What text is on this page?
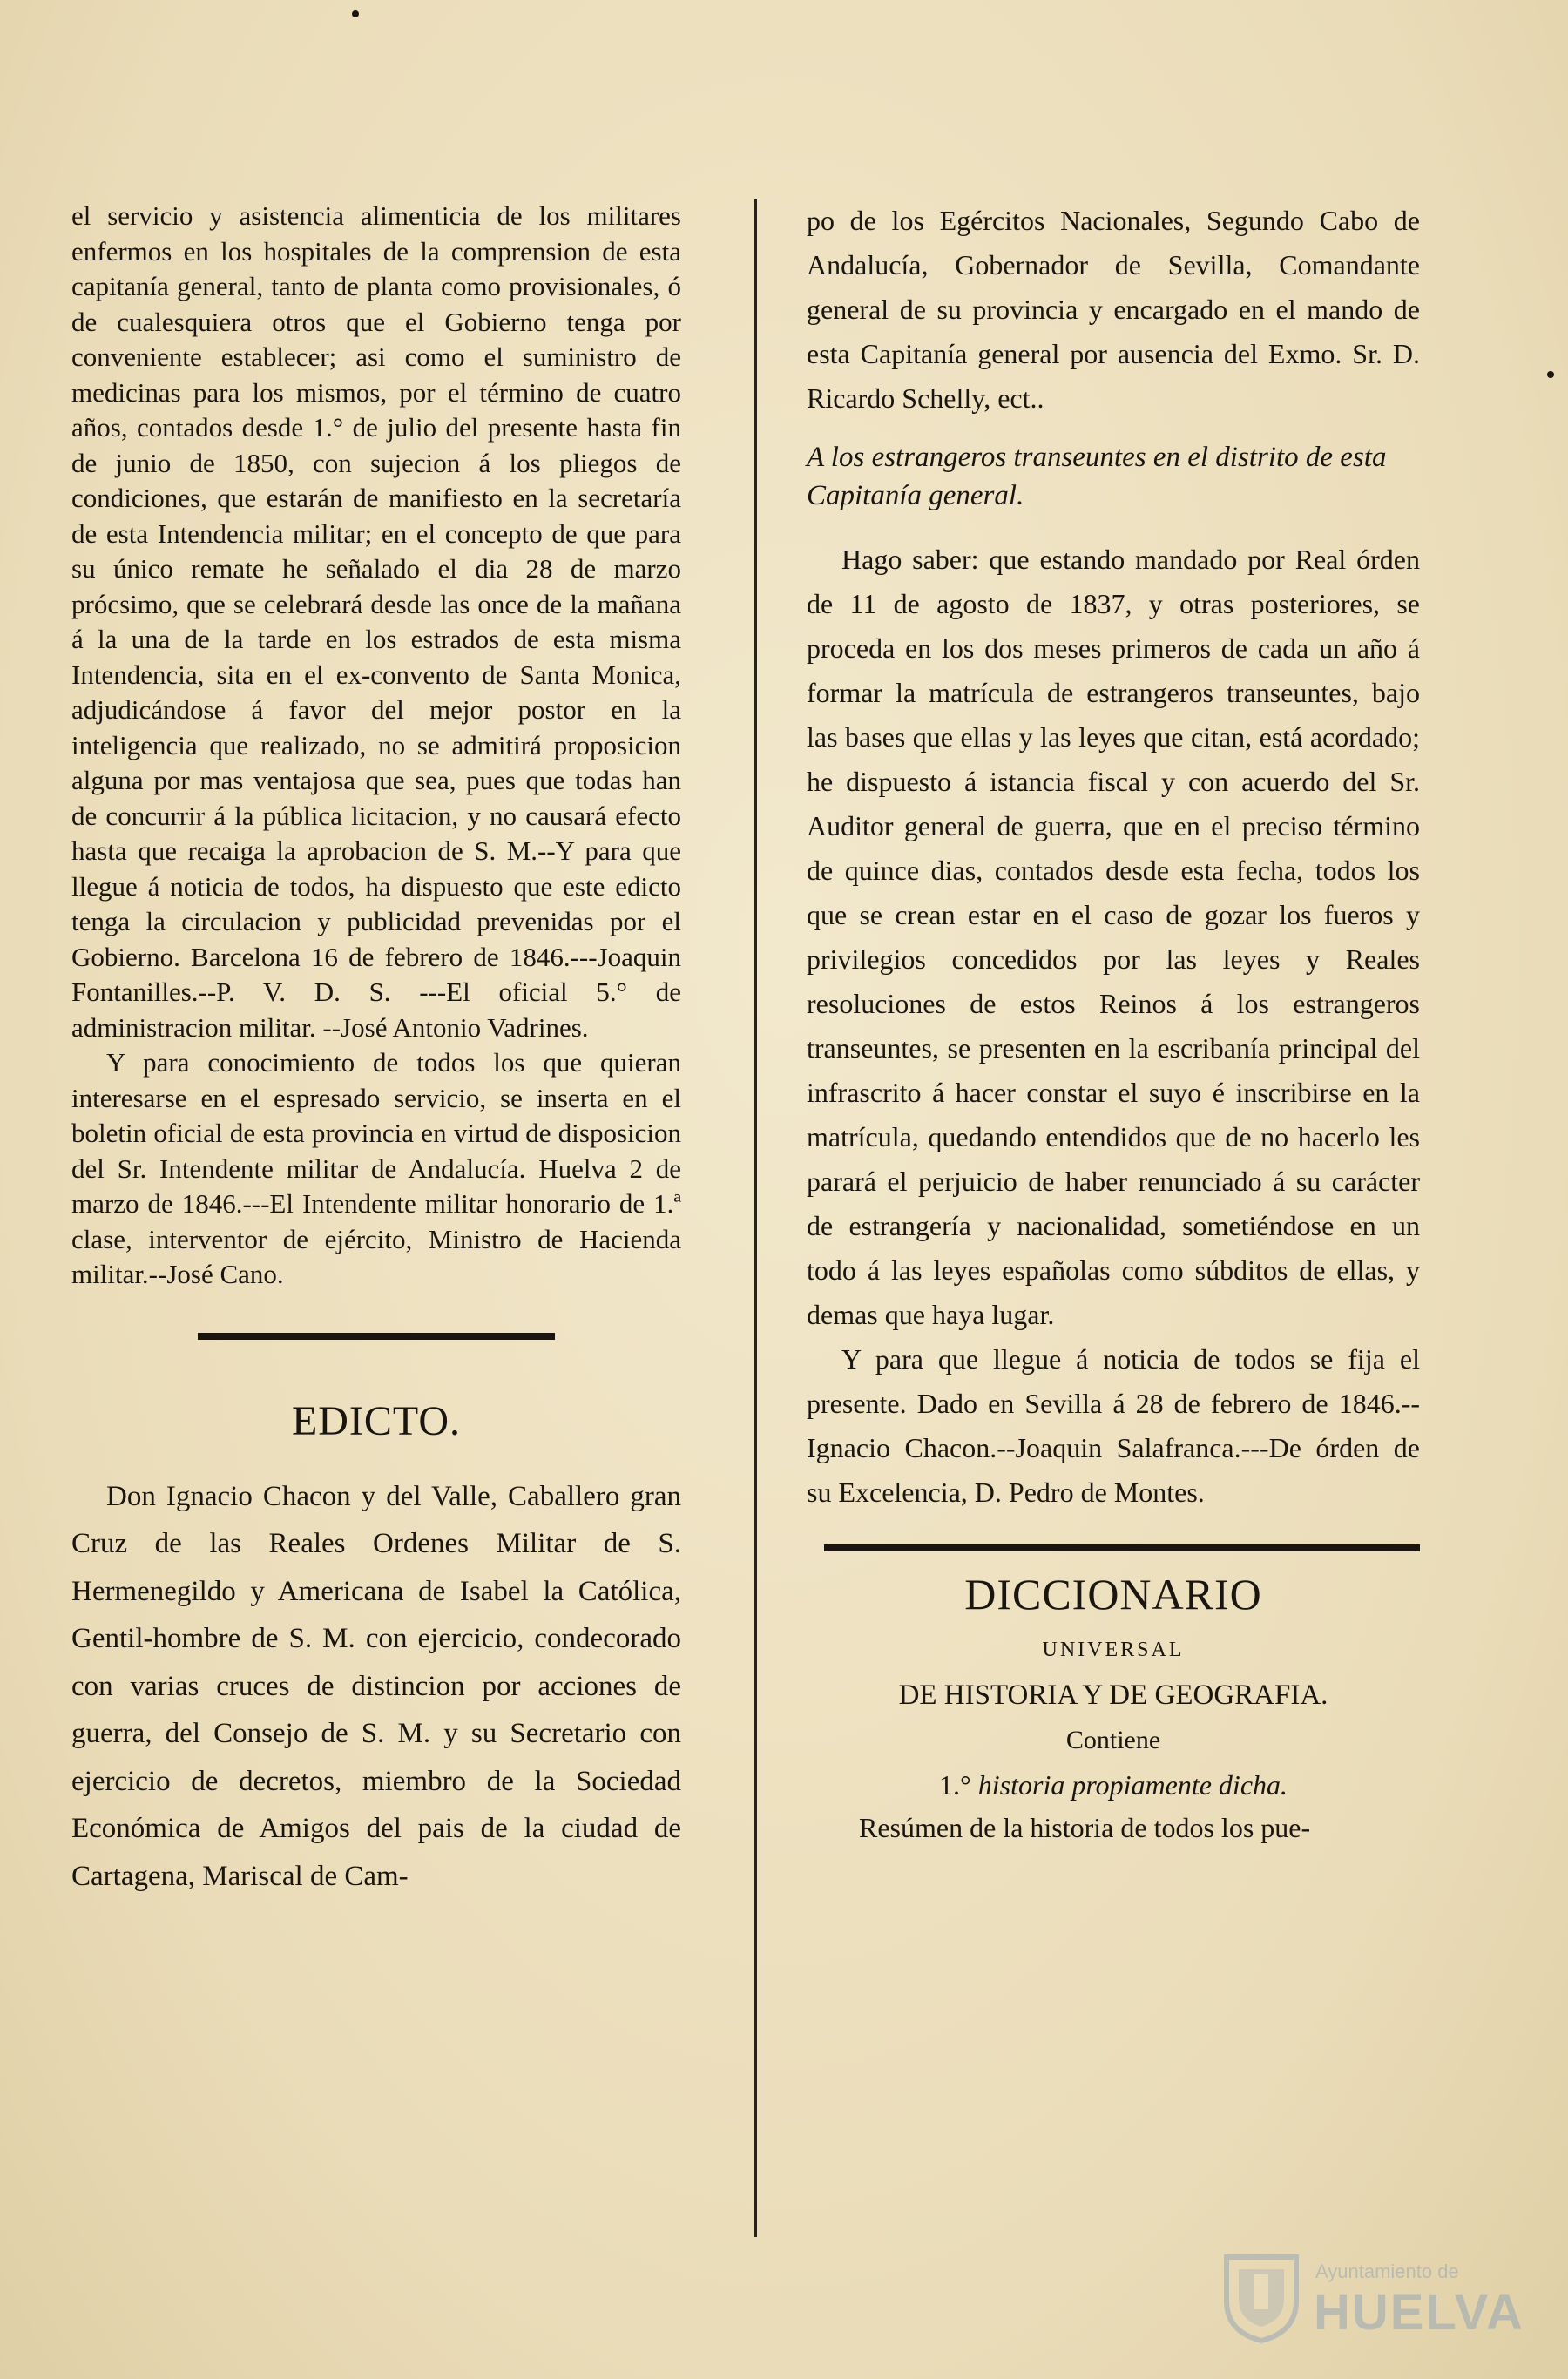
el servicio y asistencia alimenticia de los militares enfermos en los hospitales de la comprension de esta capitanía general, tanto de planta como provisionales, ó de cualesquiera otros que el Gobierno tenga por conveniente establecer; asi como el suministro de medicinas para los mismos, por el término de cuatro años, contados desde 1.° de julio del presente hasta fin de junio de 1850, con sujecion á los pliegos de condiciones, que estarán de manifiesto en la secretaría de esta Intendencia militar; en el concepto de que para su único remate he señalado el dia 28 de marzo prócsimo, que se celebrará desde las once de la mañana á la una de la tarde en los estrados de esta misma Intendencia, sita en el ex-convento de Santa Monica, adjudicándose á favor del mejor postor en la inteligencia que realizado, no se admitirá proposicion alguna por mas ventajosa que sea, pues que todas han de concurrir á la pública licitacion, y no causará efecto hasta que recaiga la aprobacion de S. M.--Y para que llegue á noticia de todos, ha dispuesto que este edicto tenga la circulacion y publicidad prevenidas por el Gobierno. Barcelona 16 de febrero de 1846.---Joaquin Fontanilles.--P. V. D. S. ---El oficial 5.° de administracion militar. --José Antonio Vadrines.

Y para conocimiento de todos los que quieran interesarse en el espresado servicio, se inserta en el boletin oficial de esta provincia en virtud de disposicion del Sr. Intendente militar de Andalucía. Huelva 2 de marzo de 1846.---El Intendente militar honorario de 1.ª clase, interventor de ejército, Ministro de Hacienda militar.--José Cano.

EDICTO.

Don Ignacio Chacon y del Valle, Caballero gran Cruz de las Reales Ordenes Militar de S. Hermenegildo y Americana de Isabel la Católica, Gentil-hombre de S. M. con ejercicio, condecorado con varias cruces de distincion por acciones de guerra, del Consejo de S. M. y su Secretario con ejercicio de decretos, miembro de la Sociedad Económica de Amigos del pais de la ciudad de Cartagena, Mariscal de Cam-

po de los Egércitos Nacionales, Segundo Cabo de Andalucía, Gobernador de Sevilla, Comandante general de su provincia y encargado en el mando de esta Capitanía general por ausencia del Exmo. Sr. D. Ricardo Schelly, ect..

A los estrangeros transeuntes en el distrito de esta Capitanía general.

Hago saber: que estando mandado por Real órden de 11 de agosto de 1837, y otras posteriores, se proceda en los dos meses primeros de cada un año á formar la matrícula de estrangeros transeuntes, bajo las bases que ellas y las leyes que citan, está acordado; he dispuesto á istancia fiscal y con acuerdo del Sr. Auditor general de guerra, que en el preciso término de quince dias, contados desde esta fecha, todos los que se crean estar en el caso de gozar los fueros y privilegios concedidos por las leyes y Reales resoluciones de estos Reinos á los estrangeros transeuntes, se presenten en la escribanía principal del infrascrito á hacer constar el suyo é inscribirse en la matrícula, quedando entendidos que de no hacerlo les parará el perjuicio de haber renunciado á su carácter de estrangería y nacionalidad, sometiéndose en un todo á las leyes españolas como súbditos de ellas, y demas que haya lugar.

Y para que llegue á noticia de todos se fija el presente. Dado en Sevilla á 28 de febrero de 1846.-- Ignacio Chacon.--Joaquin Salafranca.---De órden de su Excelencia, D. Pedro de Montes.

DICCIONARIO
UNIVERSAL
DE HISTORIA Y DE GEOGRAFIA.
Contiene
1.° historia propiamente dicha.
Resúmen de la historia de todos los pue-
Ayuntamiento de
HUELVA
